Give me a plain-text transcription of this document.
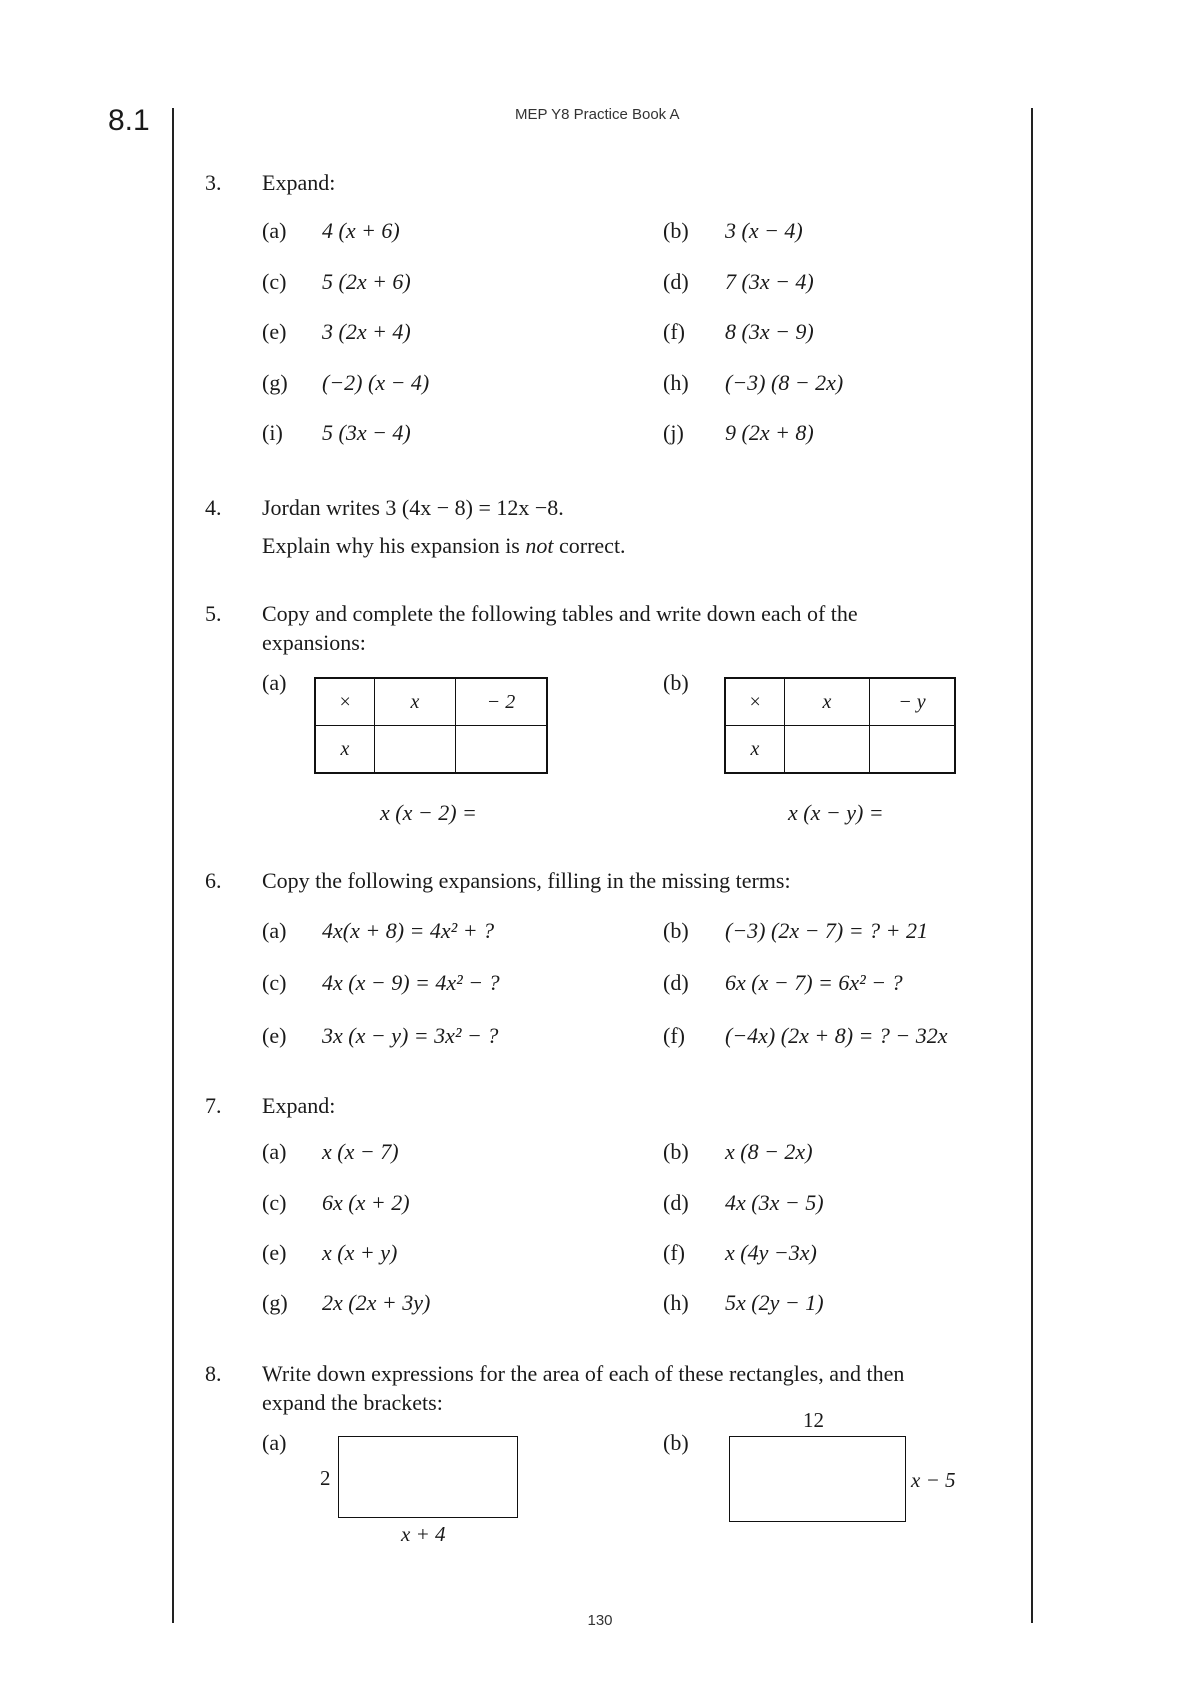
8.1	MEP Y8 Practice Book A
3. Expand:
(a) 4 (x + 6)	(b) 3 (x − 4)
(c) 5 (2x + 6)	(d) 7 (3x − 4)
(e) 3 (2x + 4)	(f) 8 (3x − 9)
(g) (−2) (x − 4)	(h) (−3) (8 − 2x)
(i) 5 (3x − 4)	(j) 9 (2x + 8)
4. Jordan writes 3 (4x − 8) = 12x −8.
Explain why his expansion is not correct.
5. Copy and complete the following tables and write down each of the
expansions:
(a)
×	x	− 2
x		
x (x − 2) =
(b)
×	x	− y
x		
x (x − y) =
6. Copy the following expansions, filling in the missing terms:
(a) 4x(x + 8) = 4x² + ?	(b) (−3) (2x − 7) = ? + 21
(c) 4x (x − 9) = 4x² − ?	(d) 6x (x − 7) = 6x² − ?
(e) 3x (x − y) = 3x² − ?	(f) (−4x) (2x + 8) = ? − 32x
7. Expand:
(a) x (x − 7)	(b) x (8 − 2x)
(c) 6x (x + 2)	(d) 4x (3x − 5)
(e) x (x + y)	(f) x (4y −3x)
(g) 2x (2x + 3y)	(h) 5x (2y − 1)
8. Write down expressions for the area of each of these rectangles, and then
expand the brackets:
(a)
2
x + 4
(b)
12
x − 5
130
